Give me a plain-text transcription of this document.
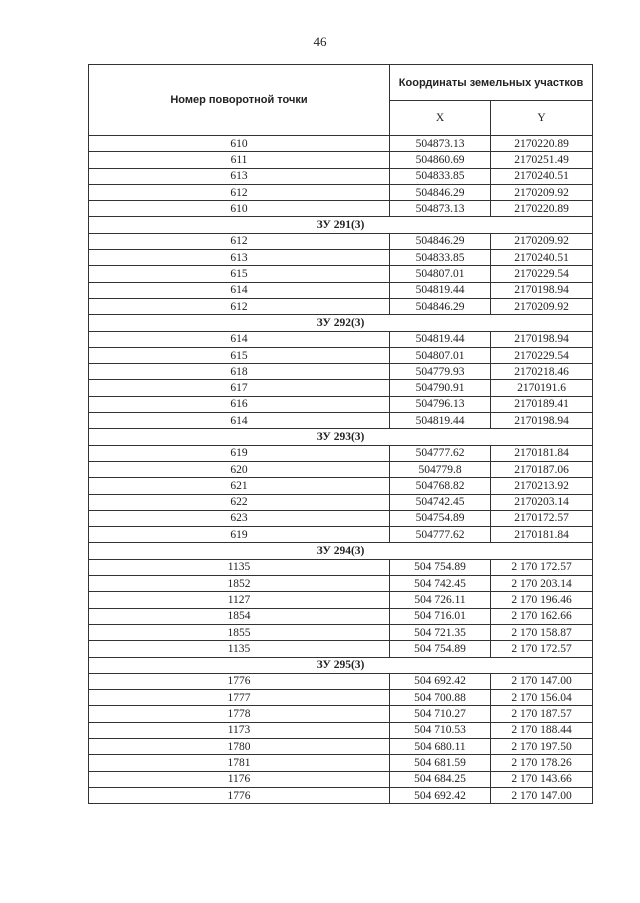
46
Номер поворотной точки	Координаты земельных участков	
	X	Y
610	504873.13	2170220.89
611	504860.69	2170251.49
613	504833.85	2170240.51
612	504846.29	2170209.92
610	504873.13	2170220.89
ЗУ 291(3)		
612	504846.29	2170209.92
613	504833.85	2170240.51
615	504807.01	2170229.54
614	504819.44	2170198.94
612	504846.29	2170209.92
ЗУ 292(3)		
614	504819.44	2170198.94
615	504807.01	2170229.54
618	504779.93	2170218.46
617	504790.91	2170191.6
616	504796.13	2170189.41
614	504819.44	2170198.94
ЗУ 293(3)		
619	504777.62	2170181.84
620	504779.8	2170187.06
621	504768.82	2170213.92
622	504742.45	2170203.14
623	504754.89	2170172.57
619	504777.62	2170181.84
ЗУ 294(3)		
1135	504 754.89	2 170 172.57
1852	504 742.45	2 170 203.14
1127	504 726.11	2 170 196.46
1854	504 716.01	2 170 162.66
1855	504 721.35	2 170 158.87
1135	504 754.89	2 170 172.57
ЗУ 295(3)		
1776	504 692.42	2 170 147.00
1777	504 700.88	2 170 156.04
1778	504 710.27	2 170 187.57
1173	504 710.53	2 170 188.44
1780	504 680.11	2 170 197.50
1781	504 681.59	2 170 178.26
1176	504 684.25	2 170 143.66
1776	504 692.42	2 170 147.00
